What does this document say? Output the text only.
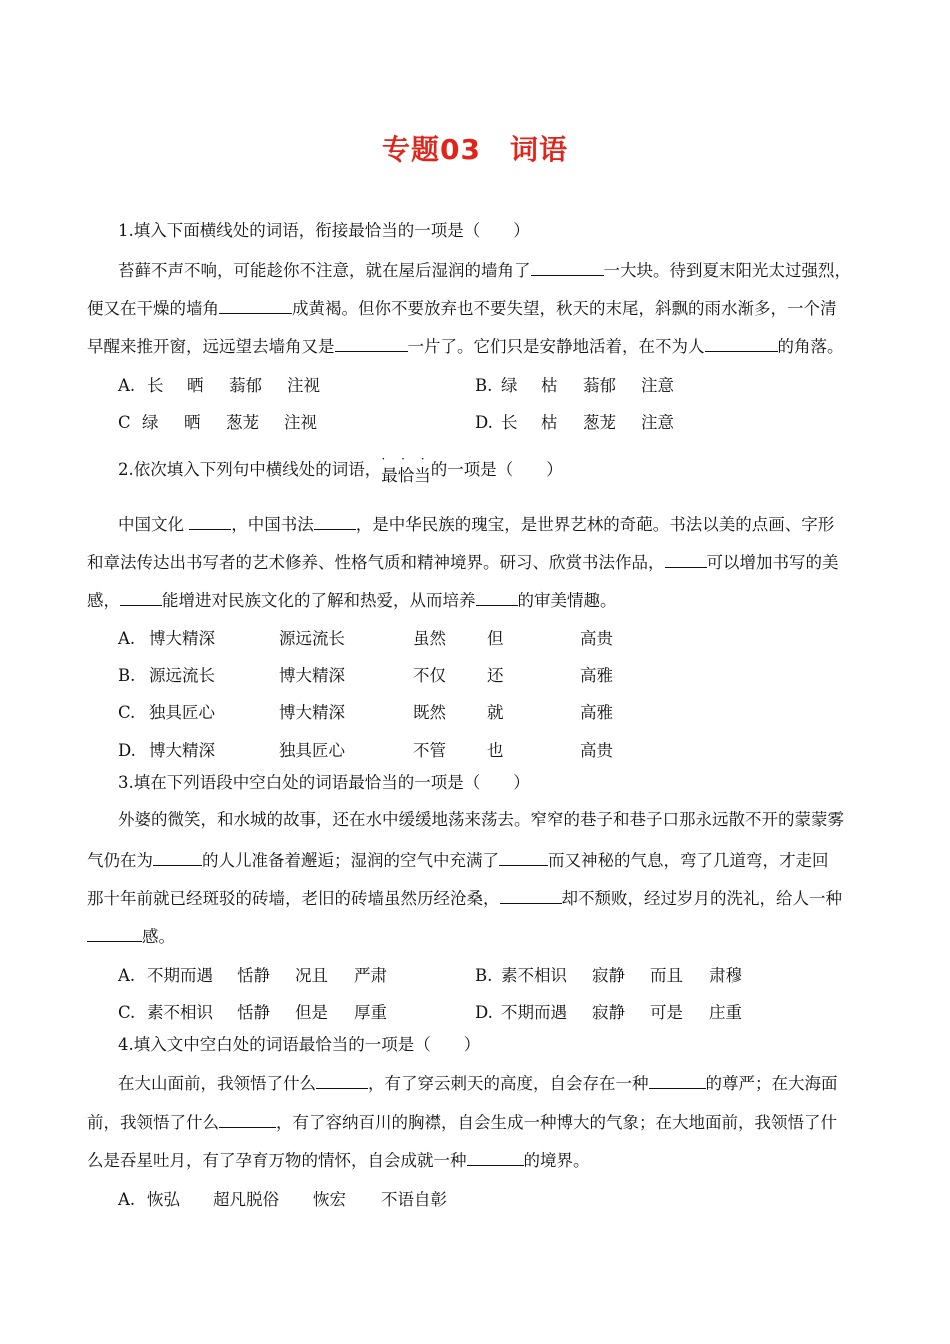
专题03　词语
1.填入下面横线处的词语，衔接最恰当的一项是（　　）
苔藓不声不响，可能趁你不注意，就在屋后湿润的墙角了	一大块。待到夏末阳光太过强烈，
便又在干燥的墙角	成黄褐。但你不要放弃也不要失望，秋天的末尾，斜飘的雨水渐多，一个清
早醒来推开窗，远远望去墙角又是	一片了。它们只是安静地活着，在不为人	的角落。
A. 长 晒 蓊郁 注视	B. 绿 枯 蓊郁 注意
C 绿 晒 葱茏 注视	D. 长 枯 葱茏 注意
2.依次填入下列句中横线处的词语，
· · ·
最恰当的一项是（　　）
中国文化	，中国书法	，是中华民族的瑰宝，是世界艺林的奇葩。书法以美的点画、字形
和章法传达出书写者的艺术修养、性格气质和精神境界。研习、欣赏书法作品，	可以增加书写的美
感，	能增进对民族文化的了解和热爱，从而培养	的审美情趣。
A. 博大精深	源远流长	虽然 但	高贵
B. 源远流长	博大精深	不仅 还	高雅
C. 独具匠心	博大精深	既然 就	高雅
D. 博大精深	独具匠心	不管 也	高贵
3.填在下列语段中空白处的词语最恰当的一项是（　　）
外婆的微笑，和水城的故事，还在水中缓缓地荡来荡去。窄窄的巷子和巷子口那永远散不开的蒙蒙雾
气仍在为	的人儿准备着邂逅；湿润的空气中充满了	而又神秘的气息，弯了几道弯，才走回
那十年前就已经斑驳的砖墙，老旧的砖墙虽然历经沧桑，	却不颓败，经过岁月的洗礼，给人一种
感。
A. 不期而遇 恬静 况且 严肃	B. 素不相识 寂静 而且 肃穆
C. 素不相识 恬静 但是 厚重	D. 不期而遇 寂静 可是 庄重
4.填入文中空白处的词语最恰当的一项是（　　）
在大山面前，我领悟了什么	，有了穿云刺天的高度，自会存在一种	的尊严；在大海面
前，我领悟了什么	，有了容纳百川的胸襟，自会生成一种博大的气象；在大地面前，我领悟了什
么是吞星吐月，有了孕育万物的情怀，自会成就一种	的境界。
A. 恢弘 超凡脱俗 恢宏 不语自彰
